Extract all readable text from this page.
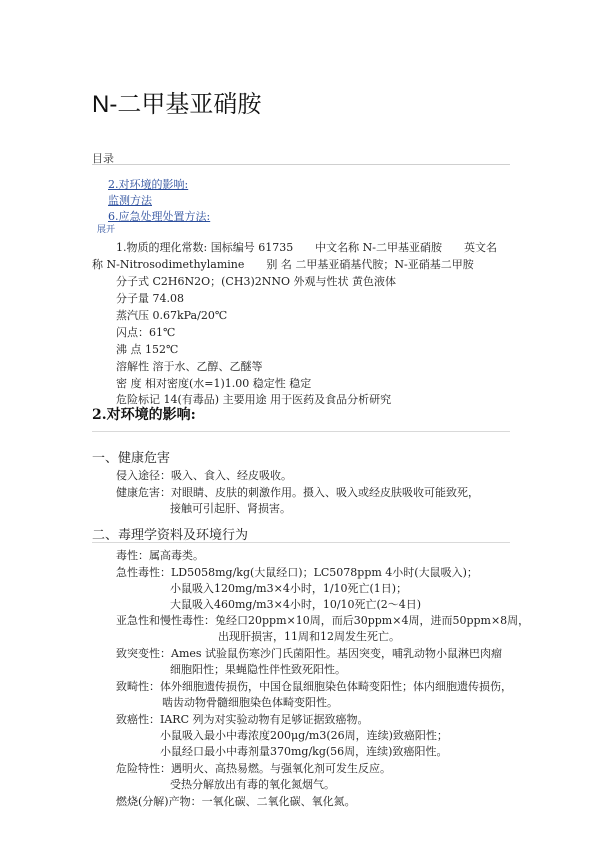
N-二甲基亚硝胺
目录
2.对环境的影响:
监测方法
6.应急处理处置方法:
展开
1.物质的理化常数: 国标编号 61735　　中文名称 N-二甲基亚硝胺　　英文名
称 N-Nitrosodimethylamine　　别 名 二甲基亚硝基代胺；N-亚硝基二甲胺
分子式 C2H6N2O；(CH3)2NNO 外观与性状 黄色液体
分子量 74.08
蒸汽压 0.67kPa/20℃
闪点：61℃
沸 点 152℃
溶解性 溶于水、乙醇、乙醚等
密 度 相对密度(水=1)1.00 稳定性 稳定
危险标记 14(有毒品) 主要用途 用于医药及食品分析研究
2.对环境的影响:
一、健康危害
侵入途径：吸入、食入、经皮吸收。
健康危害：对眼睛、皮肤的刺激作用。摄入、吸入或经皮肤吸收可能致死，
接触可引起肝、肾损害。
二、毒理学资料及环境行为
毒性：属高毒类。
急性毒性：LD5058mg/kg(大鼠经口)；LC5078ppm 4小时(大鼠吸入)；
小鼠吸入120mg/m3×4小时，1/10死亡(1日)；
大鼠吸入460mg/m3×4小时，10/10死亡(2～4日)
亚急性和慢性毒性：兔经口20ppm×10周，而后30ppm×4周，进而50ppm×8周，
出现肝损害，11周和12周发生死亡。
致突变性：Ames 试验鼠伤寒沙门氏菌阳性。基因突变，哺乳动物小鼠淋巴肉瘤
细胞阳性；果蝇隐性伴性致死阳性。
致畸性：体外细胞遗传损伤，中国仓鼠细胞染色体畸变阳性；体内细胞遗传损伤，
啮齿动物骨髓细胞染色体畸变阳性。
致癌性：IARC 列为对实验动物有足够证据致癌物。
小鼠吸入最小中毒浓度200μg/m3(26周，连续)致癌阳性；
小鼠经口最小中毒剂量370mg/kg(56周，连续)致癌阳性。
危险特性：遇明火、高热易燃。与强氧化剂可发生反应。
受热分解放出有毒的氧化氮烟气。
燃烧(分解)产物：一氧化碳、二氧化碳、氧化氮。
